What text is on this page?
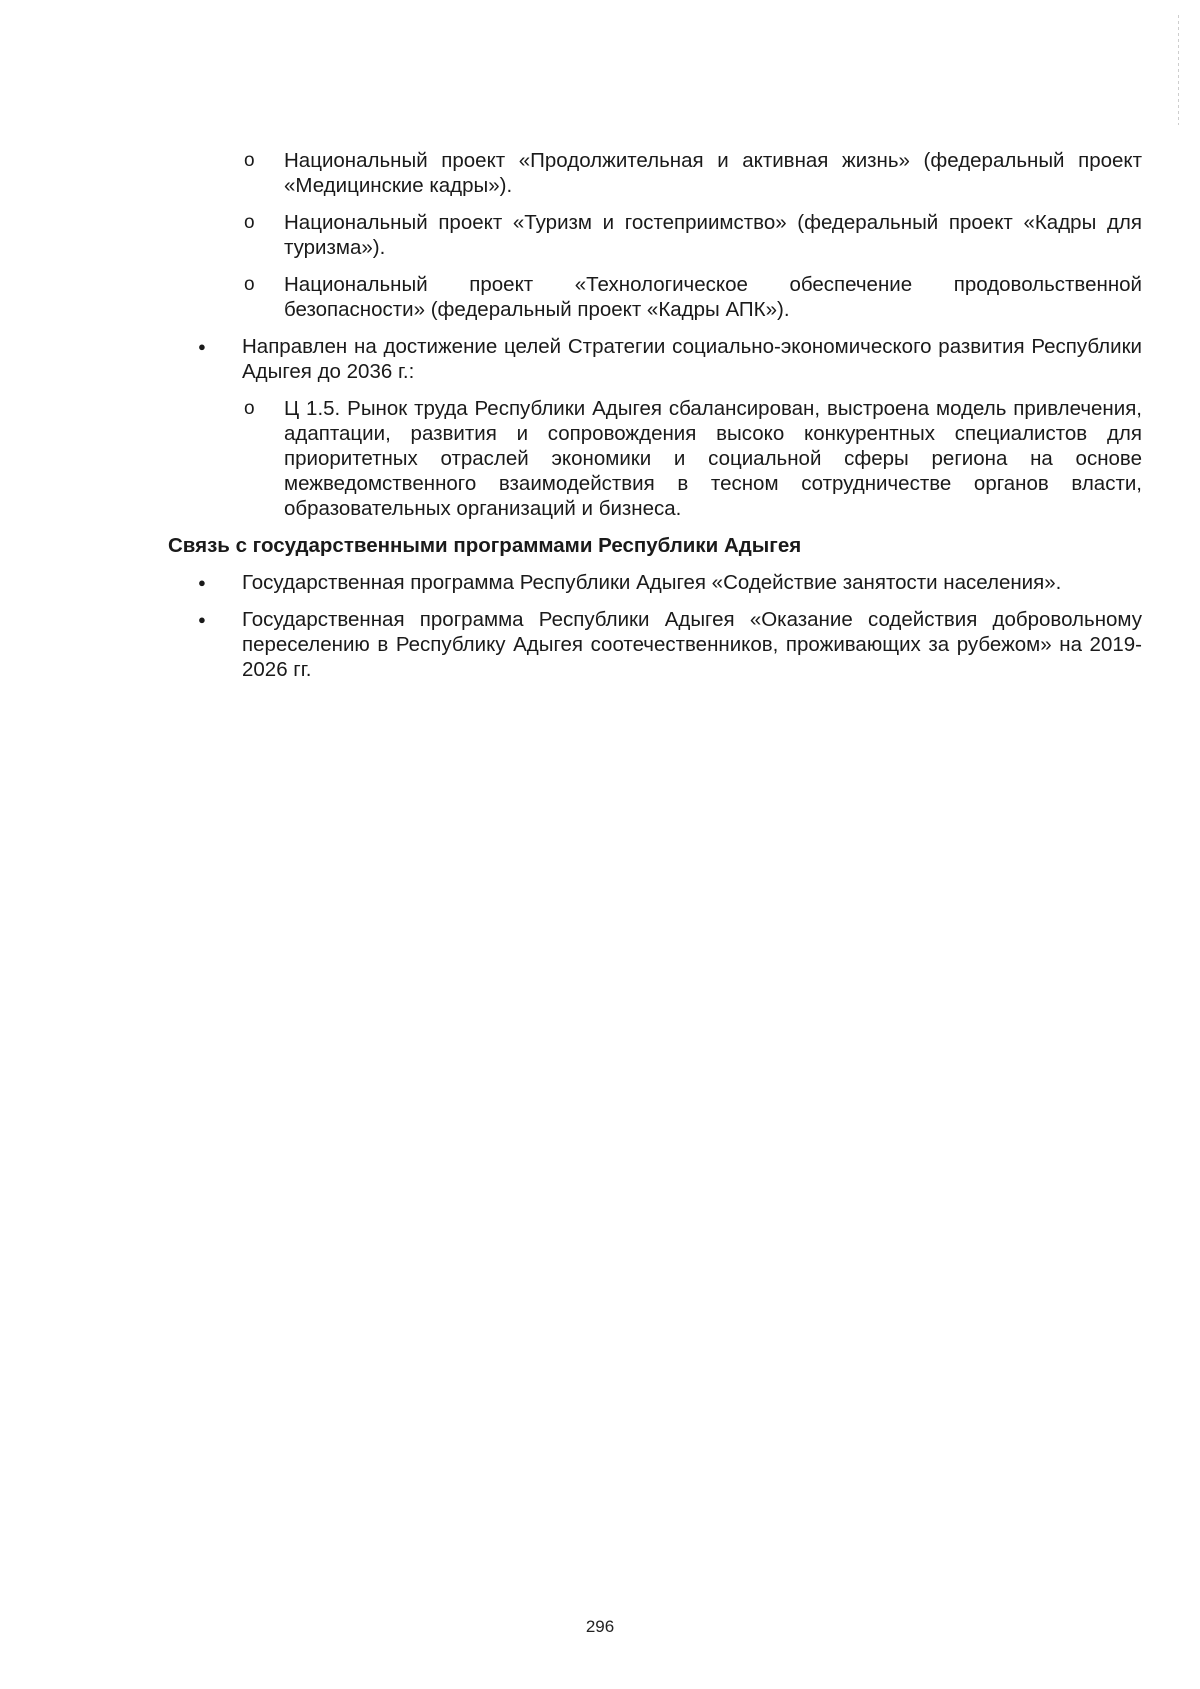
o Национальный проект «Продолжительная и активная жизнь» (федеральный проект «Медицинские кадры»).
o Национальный проект «Туризм и гостеприимство» (федеральный проект «Кадры для туризма»).
o Национальный проект «Технологическое обеспечение продовольственной безопасности» (федеральный проект «Кадры АПК»).
● Направлен на достижение целей Стратегии социально-экономического развития Республики Адыгея до 2036 г.:
o Ц 1.5. Рынок труда Республики Адыгея сбалансирован, выстроена модель привлечения, адаптации, развития и сопровождения высоко конкурентных специалистов для приоритетных отраслей экономики и социальной сферы региона на основе межведомственного взаимодействия в тесном сотрудничестве органов власти, образовательных организаций и бизнеса.
Связь с государственными программами Республики Адыгея
● Государственная программа Республики Адыгея «Содействие занятости населения».
● Государственная программа Республики Адыгея «Оказание содействия добровольному переселению в Республику Адыгея соотечественников, проживающих за рубежом» на 2019-2026 гг.
296
